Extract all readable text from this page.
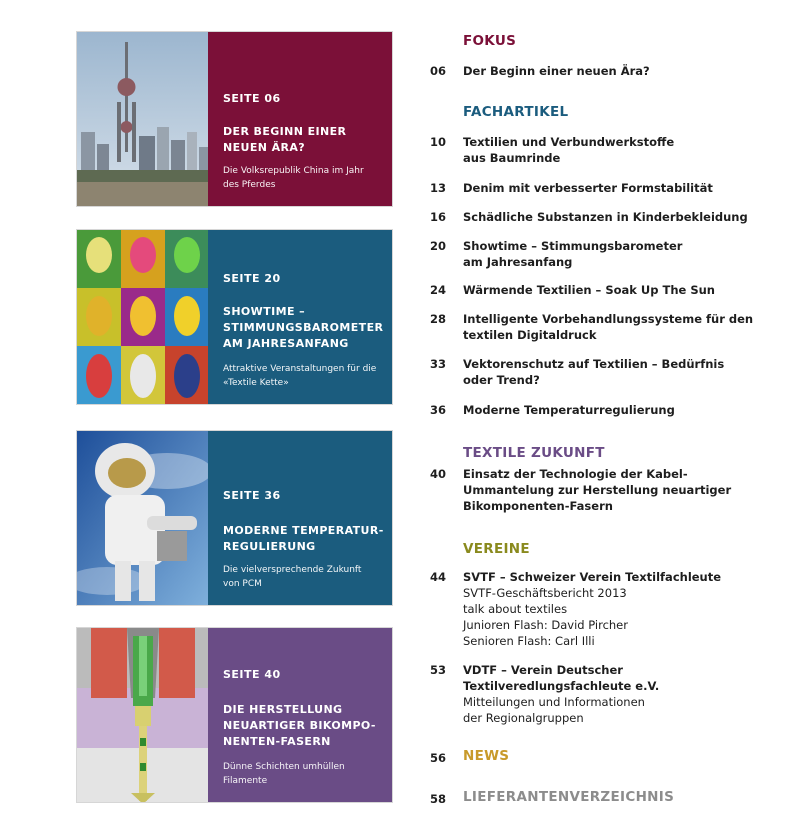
SEITE 06
DER BEGINN EINER
NEUEN ÄRA?
Die Volksrepublik China im Jahr
des Pferdes
SEITE 20
SHOWTIME –
STIMMUNGSBAROMETER
AM JAHRESANFANG
Attraktive Veranstaltungen für die
«Textile Kette»
SEITE 36
MODERNE TEMPERATUR-
REGULIERUNG
Die vielversprechende Zukunft
von PCM
SEITE 40
DIE HERSTELLUNG
NEUARTIGER BIKOMPO-
NENTEN-FASERN
Dünne Schichten umhüllen
Filamente
FOKUS
06	Der Beginn einer neuen Ära?
FACHARTIKEL
10	Textilien und Verbundwerkstoffe
aus Baumrinde
13	Denim mit verbesserter Formstabilität
16	Schädliche Substanzen in Kinderbekleidung
20	Showtime – Stimmungsbarometer
am Jahresanfang
24	Wärmende Textilien – Soak Up The Sun
28	Intelligente Vorbehandlungssysteme für den
textilen Digitaldruck
33	Vektorenschutz auf Textilien – Bedürfnis
oder Trend?
36	Moderne Temperaturregulierung
TEXTILE ZUKUNFT
40	Einsatz der Technologie der Kabel-
Ummantelung zur Herstellung neuartiger
Bikomponenten-Fasern
VEREINE
44	SVTF – Schweizer Verein Textilfachleute
SVTF-Geschäftsbericht 2013
talk about textiles
Junioren Flash: David Pircher
Senioren Flash: Carl Illi
53	VDTF – Verein Deutscher
Textilveredlungsfachleute e.V.
Mitteilungen und Informationen
der Regionalgruppen
56 NEWS
58 LIEFERANTENVERZEICHNIS
